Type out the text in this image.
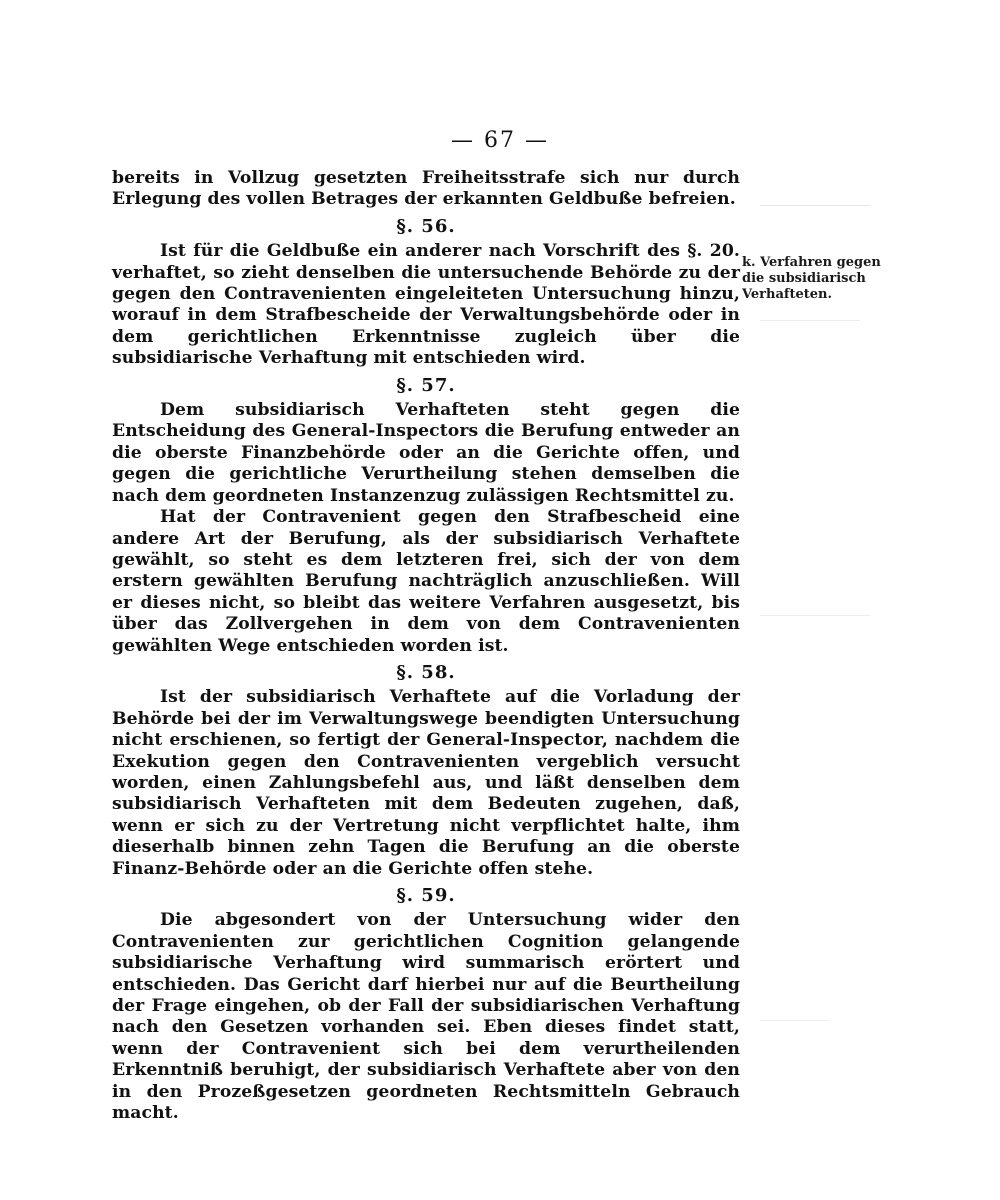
— 67 —

bereits in Vollzug gesetzten Freiheitsstrafe sich nur durch Erlegung des vollen Betrages der erkannten Geldbuße befreien.

§. 56.

Ist für die Geldbuße ein anderer nach Vorschrift des §. 20. verhaftet, so zieht denselben die untersuchende Behörde zu der gegen den Contravenienten eingeleiteten Untersuchung hinzu, worauf in dem Strafbescheide der Verwaltungsbehörde oder in dem gerichtlichen Erkenntnisse zugleich über die subsidiarische Verhaftung mit entschieden wird.

§. 57.

Dem subsidiarisch Verhafteten steht gegen die Entscheidung des General-Inspectors die Berufung entweder an die oberste Finanzbehörde oder an die Gerichte offen, und gegen die gerichtliche Verurtheilung stehen demselben die nach dem geordneten Instanzenzug zulässigen Rechtsmittel zu.

Hat der Contravenient gegen den Strafbescheid eine andere Art der Berufung, als der subsidiarisch Verhaftete gewählt, so steht es dem letzteren frei, sich der von dem erstern gewählten Berufung nachträglich anzuschließen. Will er dieses nicht, so bleibt das weitere Verfahren ausgesetzt, bis über das Zollvergehen in dem von dem Contravenienten gewählten Wege entschieden worden ist.

§. 58.

Ist der subsidiarisch Verhaftete auf die Vorladung der Behörde bei der im Verwaltungswege beendigten Untersuchung nicht erschienen, so fertigt der General-Inspector, nachdem die Exekution gegen den Contravenienten vergeblich versucht worden, einen Zahlungsbefehl aus, und läßt denselben dem subsidiarisch Verhafteten mit dem Bedeuten zugehen, daß, wenn er sich zu der Vertretung nicht verpflichtet halte, ihm dieserhalb binnen zehn Tagen die Berufung an die oberste Finanz-Behörde oder an die Gerichte offen stehe.

§. 59.

Die abgesondert von der Untersuchung wider den Contravenienten zur gerichtlichen Cognition gelangende subsidiarische Verhaftung wird summarisch erörtert und entschieden. Das Gericht darf hierbei nur auf die Beurtheilung der Frage eingehen, ob der Fall der subsidiarischen Verhaftung nach den Gesetzen vorhanden sei. Eben dieses findet statt, wenn der Contravenient sich bei dem verurtheilenden Erkenntniß beruhigt, der subsidiarisch Verhaftete aber von den in den Prozeßgesetzen geordneten Rechtsmitteln Gebrauch macht.

k. Verfahren gegen die subsidiarisch Verhafteten.
